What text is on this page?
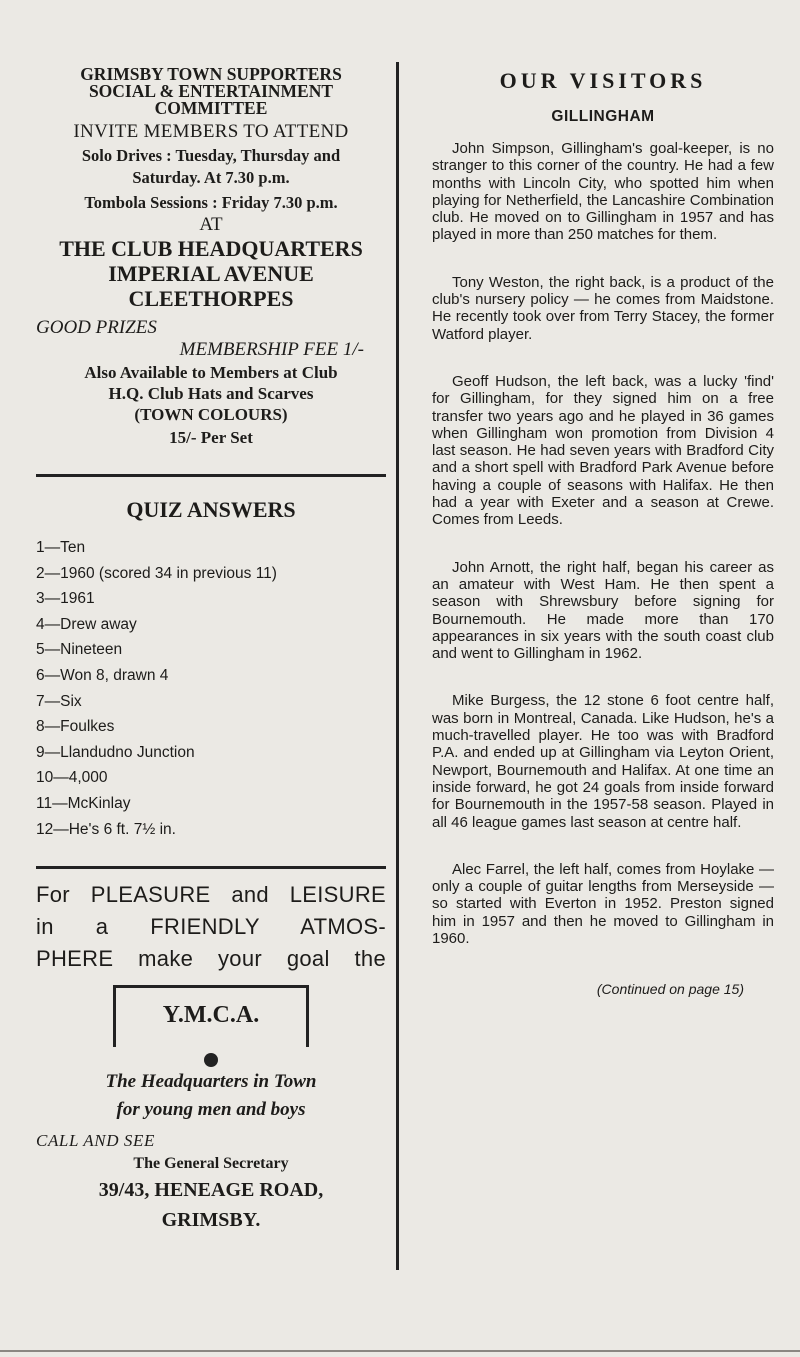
GRIMSBY TOWN SUPPORTERS
SOCIAL & ENTERTAINMENT
COMMITTEE
INVITE MEMBERS TO ATTEND
Solo Drives : Tuesday, Thursday and
Saturday. At 7.30 p.m.
Tombola Sessions : Friday 7.30 p.m.
AT
THE CLUB HEADQUARTERS
IMPERIAL AVENUE
CLEETHORPES
GOOD PRIZES
MEMBERSHIP FEE 1/-
Also Available to Members at Club
H.Q. Club Hats and Scarves
(TOWN COLOURS)
15/- Per Set
QUIZ ANSWERS
1—Ten
2—1960 (scored 34 in previous 11)
3—1961
4—Drew away
5—Nineteen
6—Won 8, drawn 4
7—Six
8—Foulkes
9—Llandudno Junction
10—4,000
11—McKinlay
12—He's 6 ft. 7½ in.
For PLEASURE and LEISURE
in a FRIENDLY ATMOS-
PHERE make your goal the
Y.M.C.A.
The Headquarters in Town
for young men and boys
CALL AND SEE
The General Secretary
39/43, HENEAGE ROAD,
GRIMSBY.
OUR VISITORS
GILLINGHAM
John Simpson, Gillingham's goal-keeper, is no stranger to this corner of the country. He had a few months with Lincoln City, who spotted him when playing for Netherfield, the Lancashire Combination club. He moved on to Gillingham in 1957 and has played in more than 250 matches for them.
Tony Weston, the right back, is a product of the club's nursery policy — he comes from Maidstone. He recently took over from Terry Stacey, the former Watford player.
Geoff Hudson, the left back, was a lucky 'find' for Gillingham, for they signed him on a free transfer two years ago and he played in 36 games when Gillingham won promotion from Division 4 last season. He had seven years with Bradford City and a short spell with Bradford Park Avenue before having a couple of seasons with Halifax. He then had a year with Exeter and a season at Crewe. Comes from Leeds.
John Arnott, the right half, began his career as an amateur with West Ham. He then spent a season with Shrewsbury before signing for Bournemouth. He made more than 170 appearances in six years with the south coast club and went to Gillingham in 1962.
Mike Burgess, the 12 stone 6 foot centre half, was born in Montreal, Canada. Like Hudson, he's a much-travelled player. He too was with Bradford P.A. and ended up at Gillingham via Leyton Orient, Newport, Bournemouth and Halifax. At one time an inside forward, he got 24 goals from inside forward for Bournemouth in the 1957-58 season. Played in all 46 league games last season at centre half.
Alec Farrel, the left half, comes from Hoylake — only a couple of guitar lengths from Merseyside — so started with Everton in 1952. Preston signed him in 1957 and then he moved to Gillingham in 1960.
(Continued on page 15)
